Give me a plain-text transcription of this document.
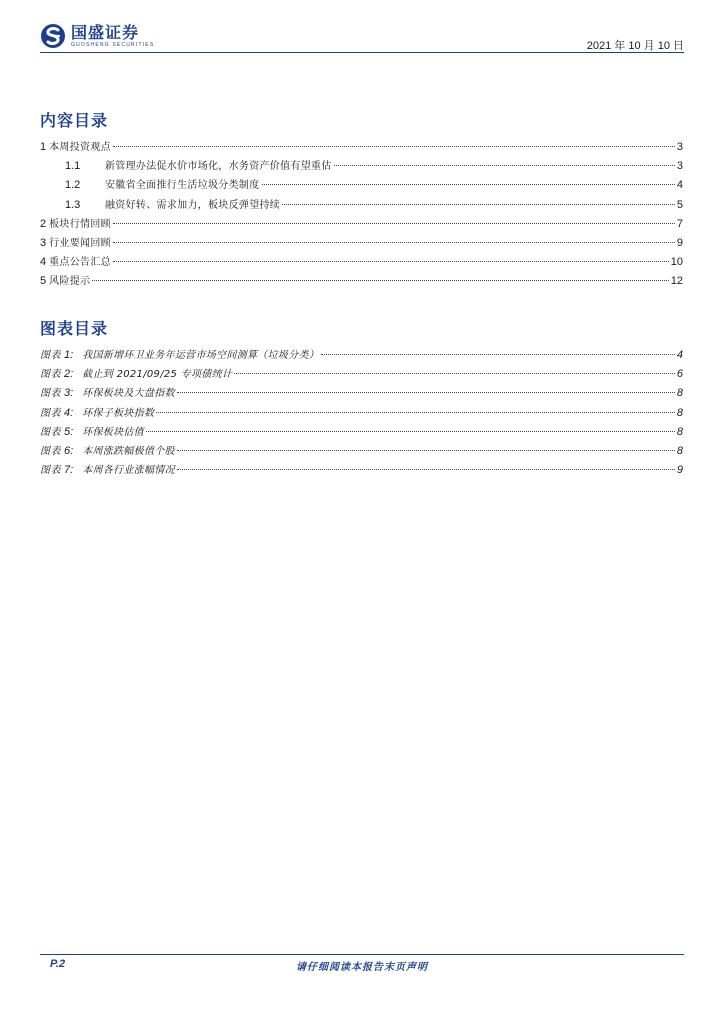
国盛证券
GUOSHENG SECURITIES	2021 年 10 月 10 日
内容目录
1 本周投资观点	3
1.1	新管理办法促水价市场化，水务资产价值有望重估	3
1.2	安徽省全面推行生活垃圾分类制度	4
1.3	融资好转、需求加力，板块反弹望持续	5
2 板块行情回顾	7
3 行业要闻回顾	9
4 重点公告汇总	10
5 风险提示	12
图表目录
图表 1: 我国新增环卫业务年运营市场空间测算（垃圾分类）	4
图表 2: 截止到 2021/09/25 专项债统计	6
图表 3: 环保板块及大盘指数	8
图表 4: 环保子板块指数	8
图表 5: 环保板块估值	8
图表 6: 本周涨跌幅极值个股	8
图表 7: 本周各行业涨幅情况	9
P.2	请仔细阅读本报告末页声明
